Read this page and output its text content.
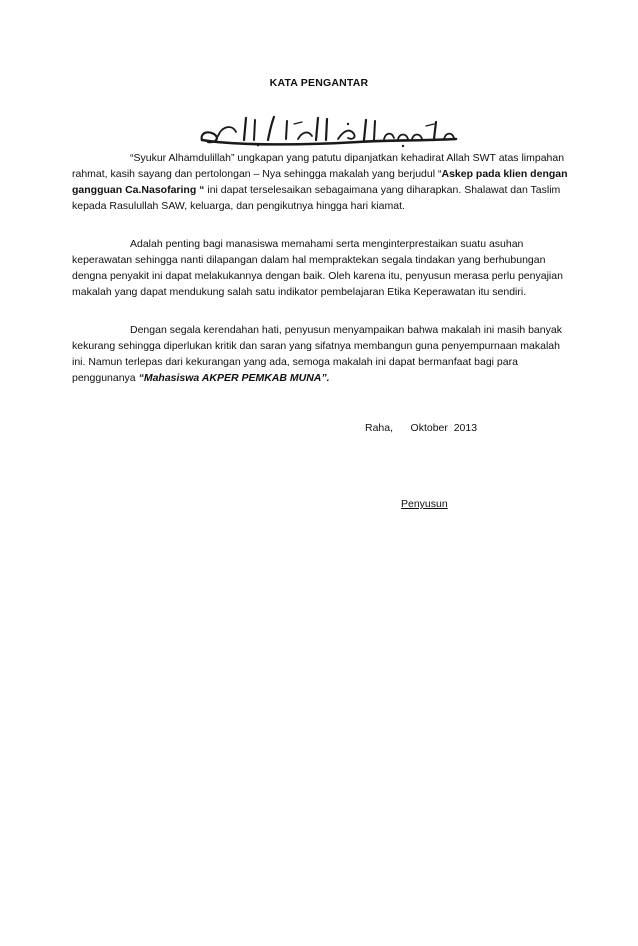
KATA PENGANTAR

“Syukur Alhamdulillah” ungkapan yang patutu dipanjatkan kehadirat Allah SWT atas limpahan rahmat, kasih sayang dan pertolongan – Nya sehingga makalah yang berjudul “Askep pada klien dengan gangguan Ca.Nasofaring “ ini dapat terselesaikan sebagaimana yang diharapkan. Shalawat dan Taslim kepada Rasulullah SAW, keluarga, dan pengikutnya hingga hari kiamat.

Adalah penting bagi manasiswa memahami serta menginterprestaikan suatu asuhan keperawatan sehingga nanti dilapangan dalam hal mempraktekan segala tindakan yang berhubungan dengna penyakit ini dapat melakukannya dengan baik. Oleh karena itu, penyusun merasa perlu penyajian makalah yang dapat mendukung salah satu indikator pembelajaran Etika Keperawatan itu sendiri.

Dengan segala kerendahan hati, penyusun menyampaikan bahwa makalah ini masih banyak kekurang sehingga diperlukan kritik dan saran yang sifatnya membangun guna penyempurnaan makalah ini. Namun terlepas dari kekurangan yang ada, semoga makalah ini dapat bermanfaat bagi para penggunanya “Mahasiswa AKPER PEMKAB MUNA”.

Raha,      Oktober  2013
Penyusun
